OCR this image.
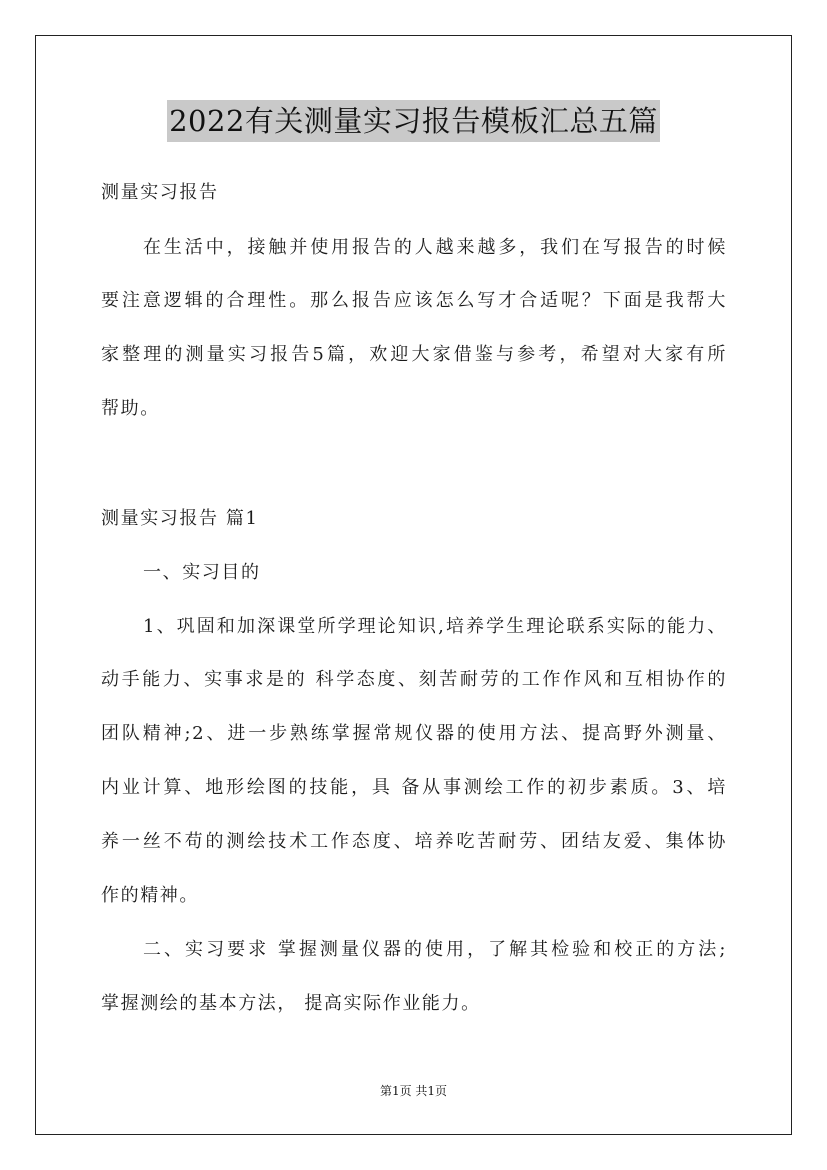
2022有关测量实习报告模板汇总五篇
测量实习报告
在生活中，接触并使用报告的人越来越多，我们在写报告的时候
要注意逻辑的合理性。那么报告应该怎么写才合适呢？下面是我帮大
家整理的测量实习报告5篇，欢迎大家借鉴与参考，希望对大家有所
帮助。
测量实习报告 篇1
一、实习目的
1、巩固和加深课堂所学理论知识,培养学生理论联系实际的能力、
动手能力、实事求是的 科学态度、刻苦耐劳的工作作风和互相协作的
团队精神;2、进一步熟练掌握常规仪器的使用方法、提高野外测量、
内业计算、地形绘图的技能，具 备从事测绘工作的初步素质。3、培
养一丝不苟的测绘技术工作态度、培养吃苦耐劳、团结友爱、集体协
作的精神。
二、实习要求 掌握测量仪器的使用，了解其检验和校正的方法;
掌握测绘的基本方法， 提高实际作业能力。
第1页 共1页
